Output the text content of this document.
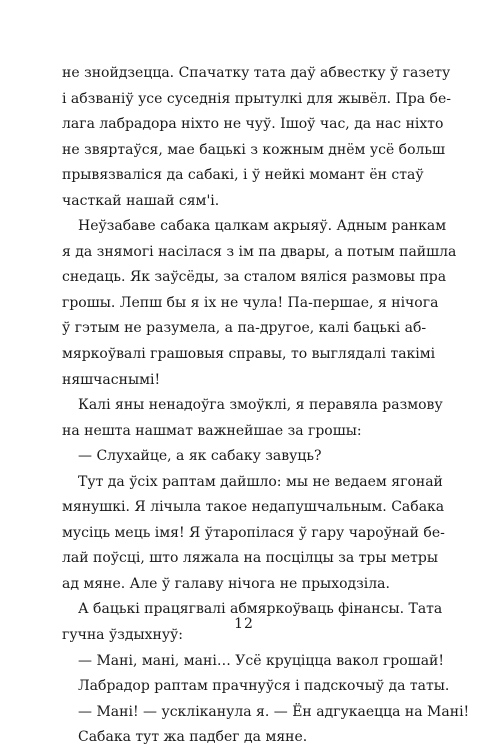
не знойдзецца. Спачатку тата даў абвестку ў газету
і абзваніў усе суседнія прытулкі для жывёл. Пра бе-
лага лабрадора ніхто не чуў. Ішоў час, да нас ніхто
не звяртаўся, мае бацькі з кожным днём усё больш
прывязваліся да сабакі, і ў нейкі момант ён стаў
часткай нашай сям'і.
Неўзабаве сабака цалкам акрыяў. Адным ранкам
я да знямогі насілася з ім па двары, а потым пайшла
снедаць. Як заўсёды, за сталом вяліся размовы пра
грошы. Лепш бы я іх не чула! Па-першае, я нічога
ў гэтым не разумела, а па-другое, калі бацькі аб-
мяркоўвалі грашовыя справы, то выглядалі такімі
няшчаснымі!
Калі яны ненадоўга змоўклі, я перавяла размову
на нешта нашмат важнейшае за грошы:
— Слухайце, а як сабаку завуць?
Тут да ўсіх раптам дайшло: мы не ведаем ягонай
мянушкі. Я лічыла такое недапушчальным. Сабака
мусіць мець імя! Я ўтаропілася ў гару чароўнай бе-
лай поўсці, што ляжала на посцілцы за тры метры
ад мяне. Але ў галаву нічога не прыходзіла.
А бацькі працягвалі абмяркоўваць фінансы. Тата
гучна ўздыхнуў:
— Мані, мані, мані… Усё круціцца вакол грошай!
Лабрадор раптам прачнуўся і падскочыў да таты.
— Мані! — ускліканула я. — Ён адгукаецца на Мані!
Сабака тут жа падбег да мяне.
12
